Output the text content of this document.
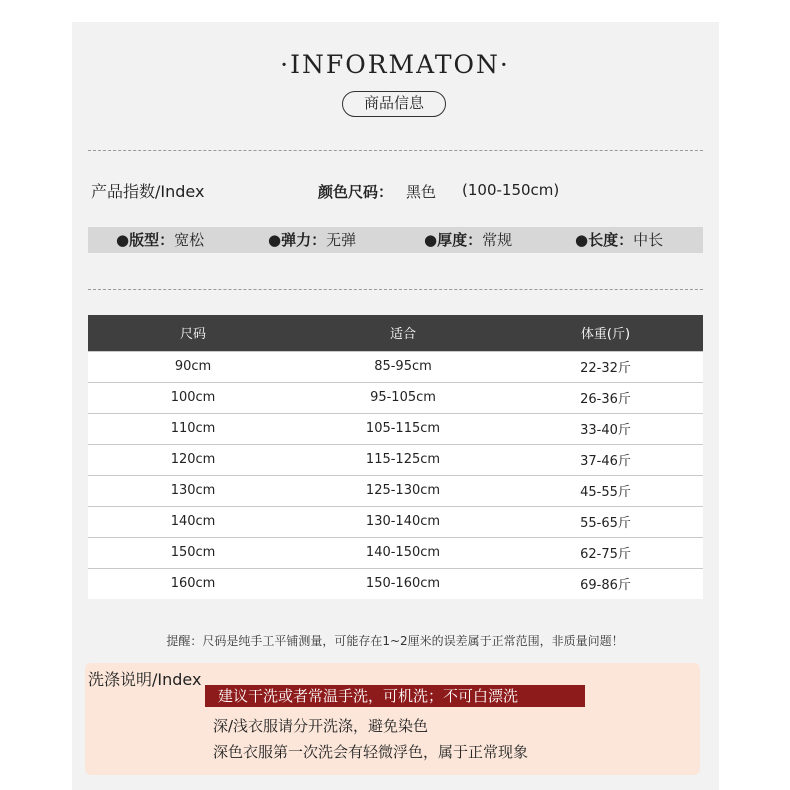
·INFORMATON·
商品信息
产品指数/Index	颜色尺码： 黑色 (100-150cm)
●版型：宽松	●弹力：无弹	●厚度：常规	●长度：中长
尺码	适合	体重(斤)
90cm	85-95cm	22-32斤
100cm	95-105cm	26-36斤
110cm	105-115cm	33-40斤
120cm	115-125cm	37-46斤
130cm	125-130cm	45-55斤
140cm	130-140cm	55-65斤
150cm	140-150cm	62-75斤
160cm	150-160cm	69-86斤
提醒：尺码是纯手工平铺测量，可能存在1~2厘米的误差属于正常范围，非质量问题！
洗涤说明/Index
建议干洗或者常温手洗，可机洗；不可白漂洗
深/浅衣服请分开洗涤，避免染色
深色衣服第一次洗会有轻微浮色，属于正常现象
